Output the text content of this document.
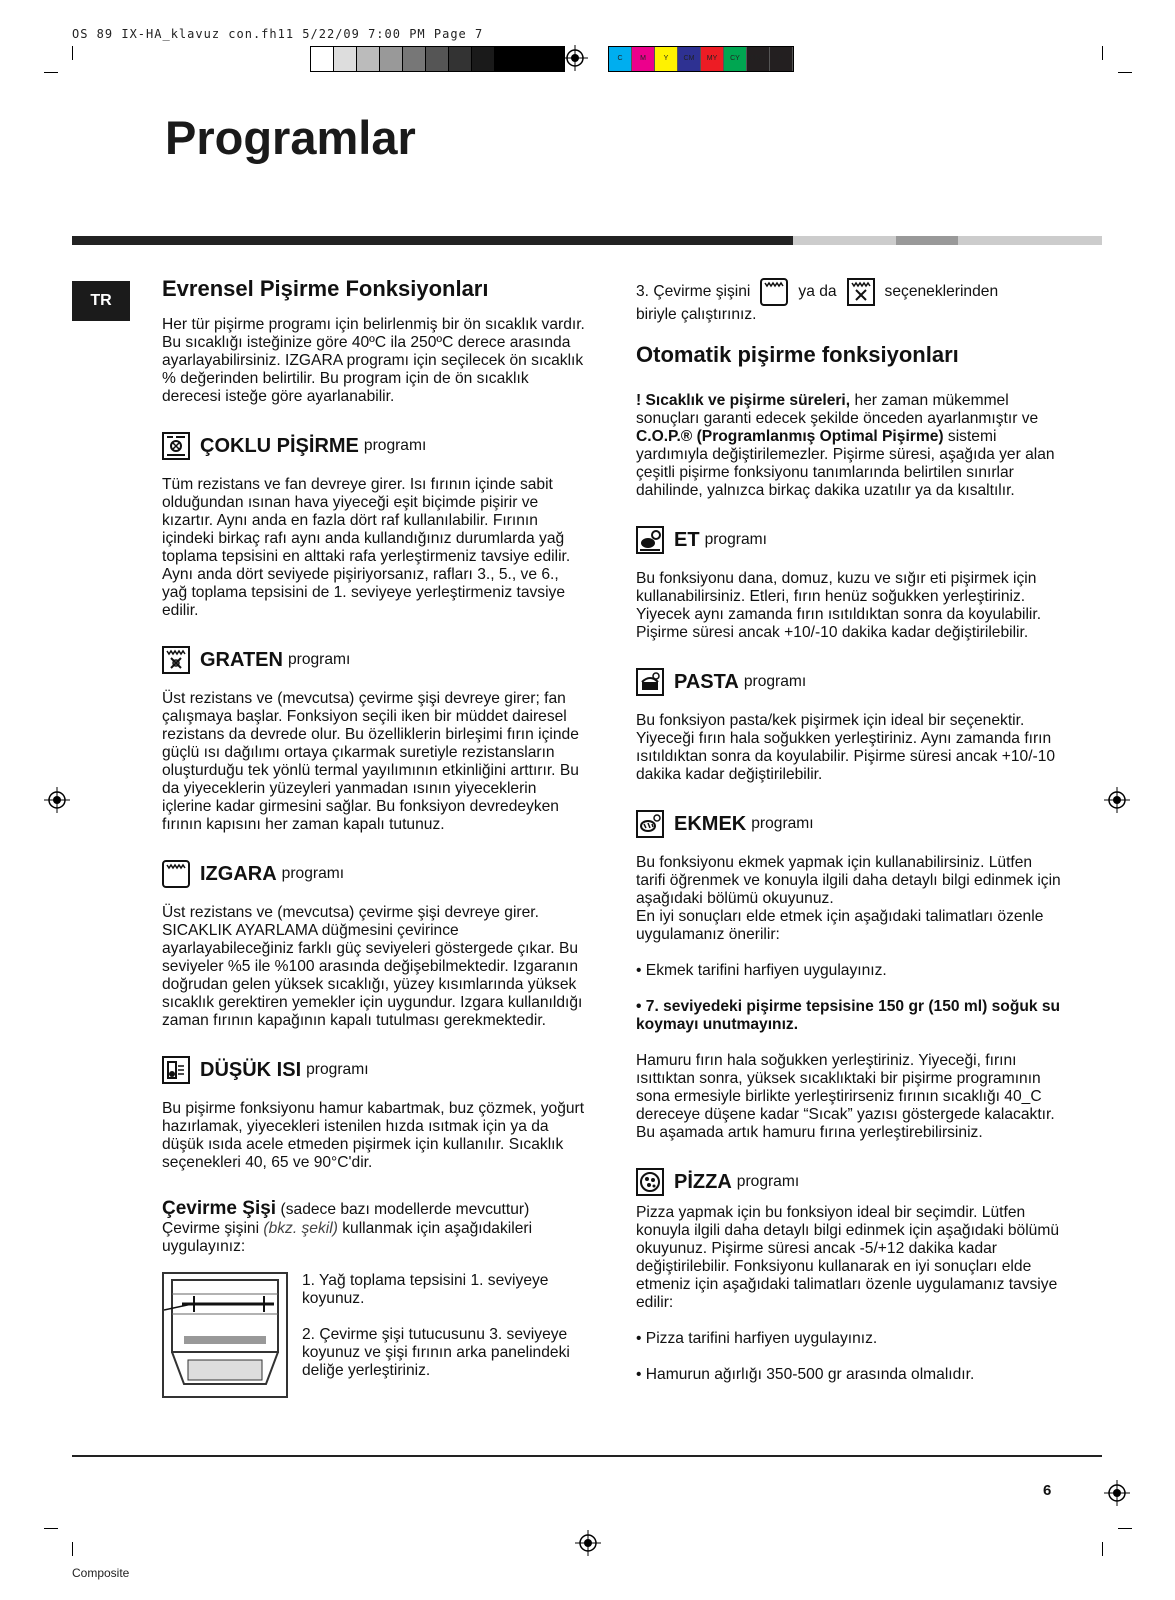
OS 89 IX-HA_klavuz con.fh11 5/22/09 7:00 PM Page 7
C	M	Y	CM	MY	CY	CMY	K
Programlar
TR	Evrensel Pişirme Fonksiyonları

Her tür pişirme programı için belirlenmiş bir ön sıcaklık vardır. Bu sıcaklığı isteğinize göre 40ºC ila 250ºC derece arasında ayarlayabilirsiniz. IZGARA programı için seçilecek ön sıcaklık % değerinden belirtilir. Bu program için de ön sıcaklık derecesi isteğe göre ayarlanabilir.

ÇOKLU PİŞİRME programı

Tüm rezistans ve fan devreye girer. Isı fırının içinde sabit olduğundan ısınan hava yiyeceği eşit biçimde pişirir ve kızartır. Aynı anda en fazla dört raf kullanılabilir. Fırının içindeki birkaç rafı aynı anda kullandığınız durumlarda yağ toplama tepsisini en alttaki rafa yerleştirmeniz tavsiye edilir. Aynı anda dört seviyede pişiriyorsanız, rafları 3., 5., ve 6., yağ toplama tepsisini de 1. seviyeye yerleştirmeniz tavsiye edilir.

GRATEN programı

Üst rezistans ve (mevcutsa) çevirme şişi devreye girer; fan çalışmaya başlar. Fonksiyon seçili iken bir müddet dairesel rezistans da devrede olur. Bu özelliklerin birleşimi fırın içinde güçlü ısı dağılımı ortaya çıkarmak suretiyle rezistansların oluşturduğu tek yönlü termal yayılımının etkinliğini arttırır. Bu da yiyeceklerin yüzeyleri yanmadan ısının yiyeceklerin içlerine kadar girmesini sağlar. Bu fonksiyon devredeyken fırının kapısını her zaman kapalı tutunuz.

IZGARA programı

Üst rezistans ve (mevcutsa) çevirme şişi devreye girer. SICAKLIK AYARLAMA düğmesini çevirince ayarlayabileceğiniz farklı güç seviyeleri göstergede çıkar. Bu seviyeler %5 ile %100 arasında değişebilmektedir. Izgaranın doğrudan gelen yüksek sıcaklığı, yüzey kısımlarında yüksek sıcaklık gerektiren yemekler için uygundur. Izgara kullanıldığı zaman fırının kapağının kapalı tutulması gerekmektedir.

DÜŞÜK ISI programı

Bu pişirme fonksiyonu hamur kabartmak, buz çözmek, yoğurt hazırlamak, yiyecekleri istenilen hızda ısıtmak için ya da düşük ısıda acele etmeden pişirmek için kullanılır. Sıcaklık seçenekleri 40, 65 ve 90°C'dir.

Çevirme Şişi (sadece bazı modellerde mevcuttur)

Çevirme şişini (bkz. şekil) kullanmak için aşağıdakileri uygulayınız:

1. Yağ toplama tepsisini 1. seviyeye koyunuz.

2. Çevirme şişi tutucusunu 3. seviyeye koyunuz ve şişi fırının arka panelindeki deliğe yerleştiriniz.

3. Çevirme şişini	ya da	seçeneklerinden

biriyle çalıştırınız.

Otomatik pişirme fonksiyonları

! Sıcaklık ve pişirme süreleri, her zaman mükemmel sonuçları garanti edecek şekilde önceden ayarlanmıştır ve C.O.P.® (Programlanmış Optimal Pişirme) sistemi yardımıyla değiştirilemezler. Pişirme süresi, aşağıda yer alan çeşitli pişirme fonksiyonu tanımlarında belirtilen sınırlar dahilinde, yalnızca birkaç dakika uzatılır ya da kısaltılır.

ET programı

Bu fonksiyonu dana, domuz, kuzu ve sığır eti pişirmek için kullanabilirsiniz. Etleri, fırın henüz soğukken yerleştiriniz. Yiyecek aynı zamanda fırın ısıtıldıktan sonra da koyulabilir. Pişirme süresi ancak +10/-10 dakika kadar değiştirilebilir.

PASTA programı

Bu fonksiyon pasta/kek pişirmek için ideal bir seçenektir. Yiyeceği fırın hala soğukken yerleştiriniz. Aynı zamanda fırın ısıtıldıktan sonra da koyulabilir. Pişirme süresi ancak +10/-10 dakika kadar değiştirilebilir.

EKMEK programı

Bu fonksiyonu ekmek yapmak için kullanabilirsiniz. Lütfen tarifi öğrenmek ve konuyla ilgili daha detaylı bilgi edinmek için aşağıdaki bölümü okuyunuz.

En iyi sonuçları elde etmek için aşağıdaki talimatları özenle uygulamanız önerilir:

• Ekmek tarifini harfiyen uygulayınız.

• 7. seviyedeki pişirme tepsisine 150 gr (150 ml) soğuk su koymayı unutmayınız.

Hamuru fırın hala soğukken yerleştiriniz. Yiyeceği, fırını ısıttıktan sonra, yüksek sıcaklıktaki bir pişirme programının sona ermesiyle birlikte yerleştirirseniz fırının sıcaklığı 40_C dereceye düşene kadar “Sıcak” yazısı göstergede kalacaktır. Bu aşamada artık hamuru fırına yerleştirebilirsiniz.

PİZZA programı

Pizza yapmak için bu fonksiyon ideal bir seçimdir. Lütfen konuyla ilgili daha detaylı bilgi edinmek için aşağıdaki bölümü okuyunuz. Pişirme süresi ancak -5/+12 dakika kadar değiştirilebilir. Fonksiyonu kullanarak en iyi sonuçları elde etmeniz için aşağıdaki talimatları özenle uygulamanız tavsiye edilir:

• Pizza tarifini harfiyen uygulayınız.

• Hamurun ağırlığı 350-500 gr arasında olmalıdır.

6
Composite
